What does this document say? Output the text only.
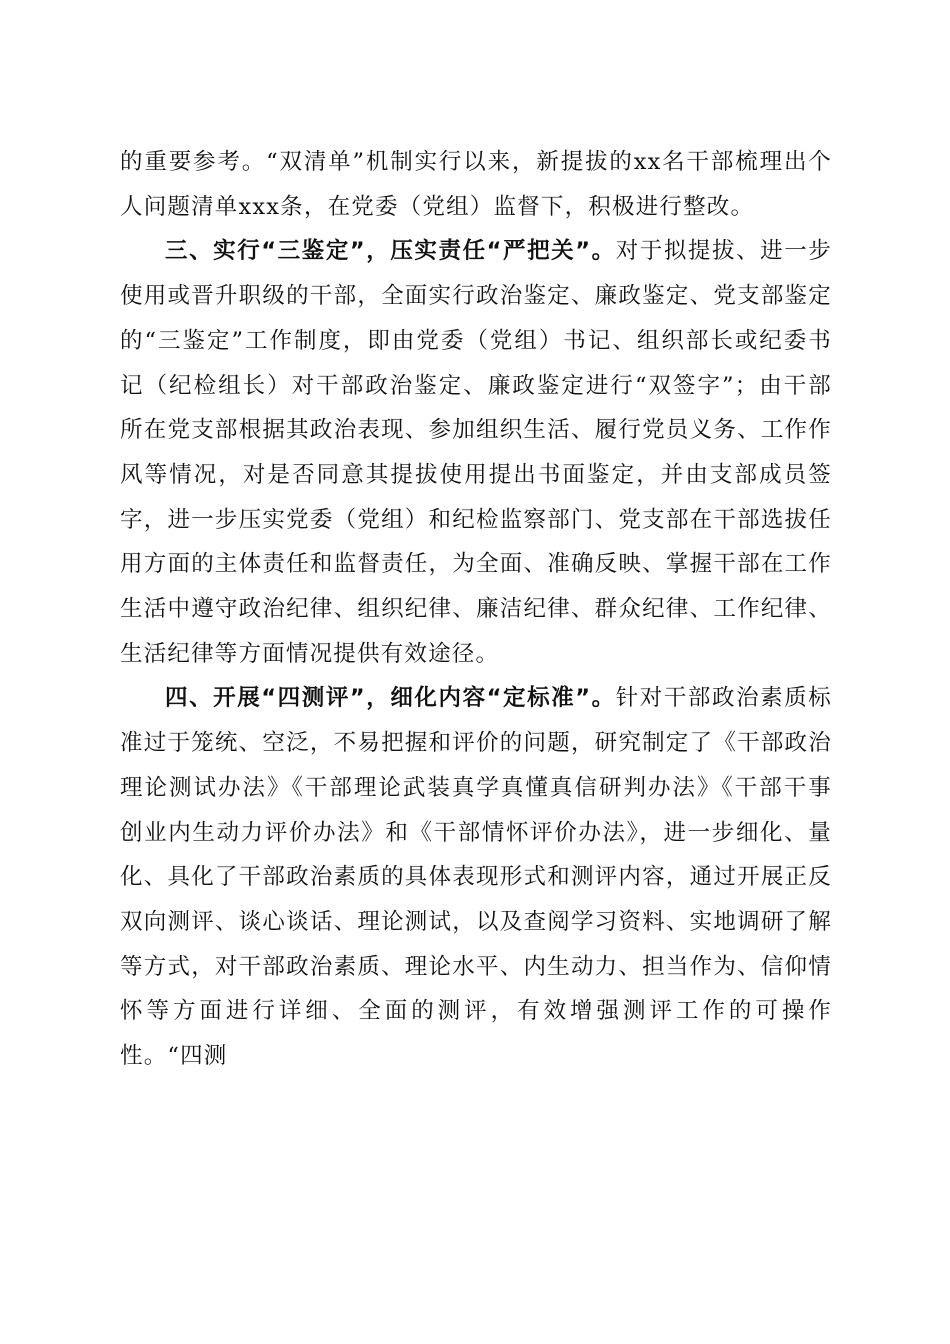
的重要参考。“双清单”机制实行以来，新提拔的xx名干部梳理出个人问题清单xxx条，在党委（党组）监督下，积极进行整改。

三、实行“三鉴定”，压实责任“严把关”。对于拟提拔、进一步使用或晋升职级的干部，全面实行政治鉴定、廉政鉴定、党支部鉴定的“三鉴定”工作制度，即由党委（党组）书记、组织部长或纪委书记（纪检组长）对干部政治鉴定、廉政鉴定进行“双签字”；由干部所在党支部根据其政治表现、参加组织生活、履行党员义务、工作作风等情况，对是否同意其提拔使用提出书面鉴定，并由支部成员签字，进一步压实党委（党组）和纪检监察部门、党支部在干部选拔任用方面的主体责任和监督责任，为全面、准确反映、掌握干部在工作生活中遵守政治纪律、组织纪律、廉洁纪律、群众纪律、工作纪律、生活纪律等方面情况提供有效途径。

四、开展“四测评”，细化内容“定标准”。针对干部政治素质标准过于笼统、空泛，不易把握和评价的问题，研究制定了《干部政治理论测试办法》《干部理论武装真学真懂真信研判办法》《干部干事创业内生动力评价办法》和《干部情怀评价办法》，进一步细化、量化、具化了干部政治素质的具体表现形式和测评内容，通过开展正反双向测评、谈心谈话、理论测试，以及查阅学习资料、实地调研了解等方式，对干部政治素质、理论水平、内生动力、担当作为、信仰情怀等方面进行详细、全面的测评，有效增强测评工作的可操作性。“四测
